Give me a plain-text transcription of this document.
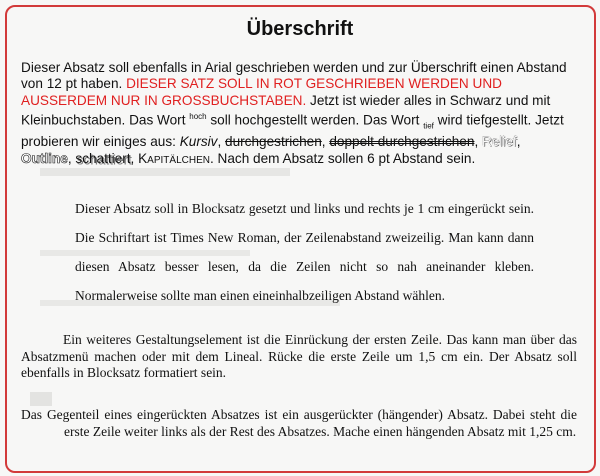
Überschrift
Dieser Absatz soll ebenfalls in Arial geschrieben werden und zur Überschrift einen Abstand von 12 pt haben. DIESER SATZ SOLL IN ROT GESCHRIEBEN WERDEN UND AUSSERDEM NUR IN GROSSBUCHSTABEN. Jetzt ist wieder alles in Schwarz und mit Kleinbuchstaben. Das Wort $^{hoch}$ soll hochgestellt werden. Das Wort $_{tief}$ wird tiefgestellt. Jetzt probieren wir einiges aus: Kursiv, durchgestrichen, doppelt durchgestrichen, Relief, Outline, schattiert, Kapitälchen. Nach dem Absatz sollen 6 pt Abstand sein.
Dieser Absatz soll in Blocksatz gesetzt und links und rechts je 1 cm eingerückt sein. Die Schriftart ist Times New Roman, der Zeilenabstand zweizeilig. Man kann dann diesen Absatz besser lesen, da die Zeilen nicht so nah aneinander kleben. Normalerweise sollte man einen eineinhalbzeiligen Abstand wählen.
Ein weiteres Gestaltungselement ist die Einrückung der ersten Zeile. Das kann man über das Absatzmenü machen oder mit dem Lineal. Rücke die erste Zeile um 1,5 cm ein. Der Absatz soll ebenfalls in Blocksatz formatiert sein.
Das Gegenteil eines eingerückten Absatzes ist ein ausgerückter (hängender) Absatz. Dabei steht die erste Zeile weiter links als der Rest des Absatzes. Mache einen hängenden Absatz mit 1,25 cm.
